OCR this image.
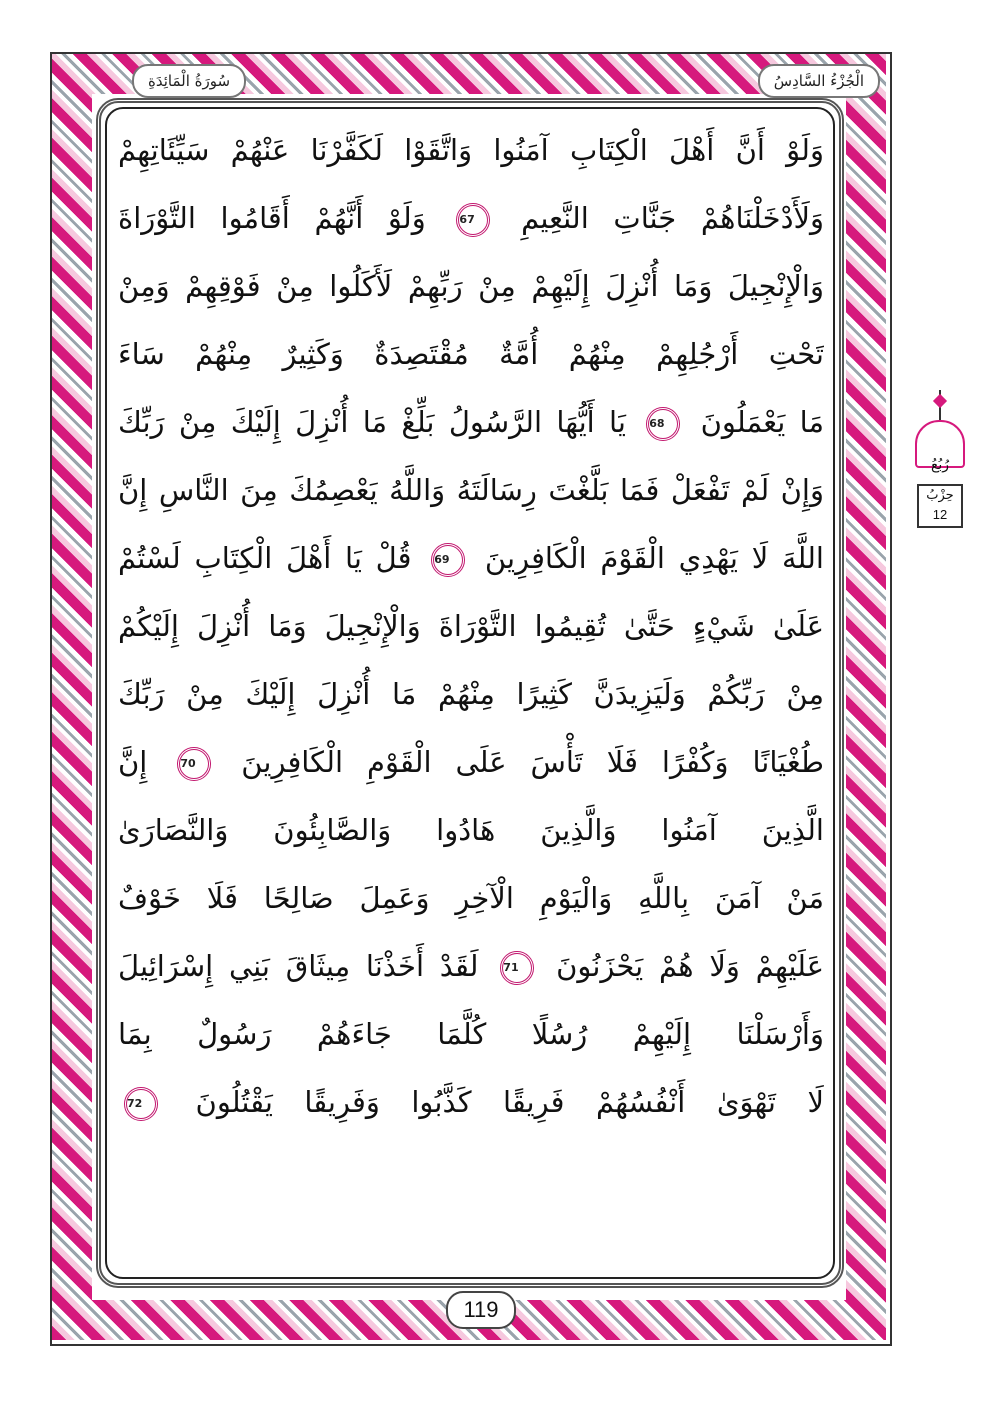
الْجُزْءُ السَّادِسُ
سُورَةُ الْمَائِدَةِ
وَلَوْ أَنَّ أَهْلَ الْكِتَابِ آمَنُوا وَاتَّقَوْا لَكَفَّرْنَا عَنْهُمْ سَيِّئَاتِهِمْ
وَلَأَدْخَلْنَاهُمْ جَنَّاتِ النَّعِيمِ 67 وَلَوْ أَنَّهُمْ أَقَامُوا التَّوْرَاةَ
وَالْإِنْجِيلَ وَمَا أُنْزِلَ إِلَيْهِمْ مِنْ رَبِّهِمْ لَأَكَلُوا مِنْ فَوْقِهِمْ وَمِنْ
تَحْتِ أَرْجُلِهِمْ مِنْهُمْ أُمَّةٌ مُقْتَصِدَةٌ وَكَثِيرٌ مِنْهُمْ سَاءَ
مَا يَعْمَلُونَ 68 يَا أَيُّهَا الرَّسُولُ بَلِّغْ مَا أُنْزِلَ إِلَيْكَ مِنْ رَبِّكَ
وَإِنْ لَمْ تَفْعَلْ فَمَا بَلَّغْتَ رِسَالَتَهُ وَاللَّهُ يَعْصِمُكَ مِنَ النَّاسِ إِنَّ
اللَّهَ لَا يَهْدِي الْقَوْمَ الْكَافِرِينَ 69 قُلْ يَا أَهْلَ الْكِتَابِ لَسْتُمْ
عَلَىٰ شَيْءٍ حَتَّىٰ تُقِيمُوا التَّوْرَاةَ وَالْإِنْجِيلَ وَمَا أُنْزِلَ إِلَيْكُمْ
مِنْ رَبِّكُمْ وَلَيَزِيدَنَّ كَثِيرًا مِنْهُمْ مَا أُنْزِلَ إِلَيْكَ مِنْ رَبِّكَ
طُغْيَانًا وَكُفْرًا فَلَا تَأْسَ عَلَى الْقَوْمِ الْكَافِرِينَ 70 إِنَّ
الَّذِينَ آمَنُوا وَالَّذِينَ هَادُوا وَالصَّابِئُونَ وَالنَّصَارَىٰ
مَنْ آمَنَ بِاللَّهِ وَالْيَوْمِ الْآخِرِ وَعَمِلَ صَالِحًا فَلَا خَوْفٌ
عَلَيْهِمْ وَلَا هُمْ يَحْزَنُونَ 71 لَقَدْ أَخَذْنَا مِيثَاقَ بَنِي إِسْرَائِيلَ
وَأَرْسَلْنَا إِلَيْهِمْ رُسُلًا كُلَّمَا جَاءَهُمْ رَسُولٌ بِمَا
لَا تَهْوَىٰ أَنْفُسُهُمْ فَرِيقًا كَذَّبُوا وَفَرِيقًا يَقْتُلُونَ 72
119
رُبُعُ
حِزْبُ
12
